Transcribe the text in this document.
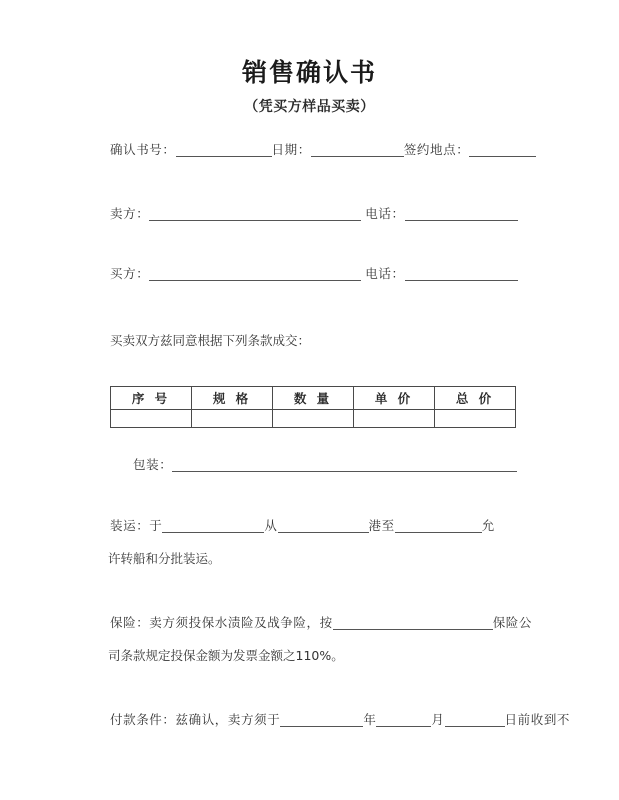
销售确认书
（凭买方样品买卖）
确认书号：	日期：	签约地点：
卖方：	电话：
买方：	电话：
买卖双方兹同意根据下列条款成交：
序 号	规 格	数 量	单 价	总 价

包装：
装运：于	从	港至	允
许转船和分批装运。
保险：卖方须投保水渍险及战争险，按	保险公
司条款规定投保金额为发票金额之110%。
付款条件：兹确认，卖方须于	年	月	日前收到不
